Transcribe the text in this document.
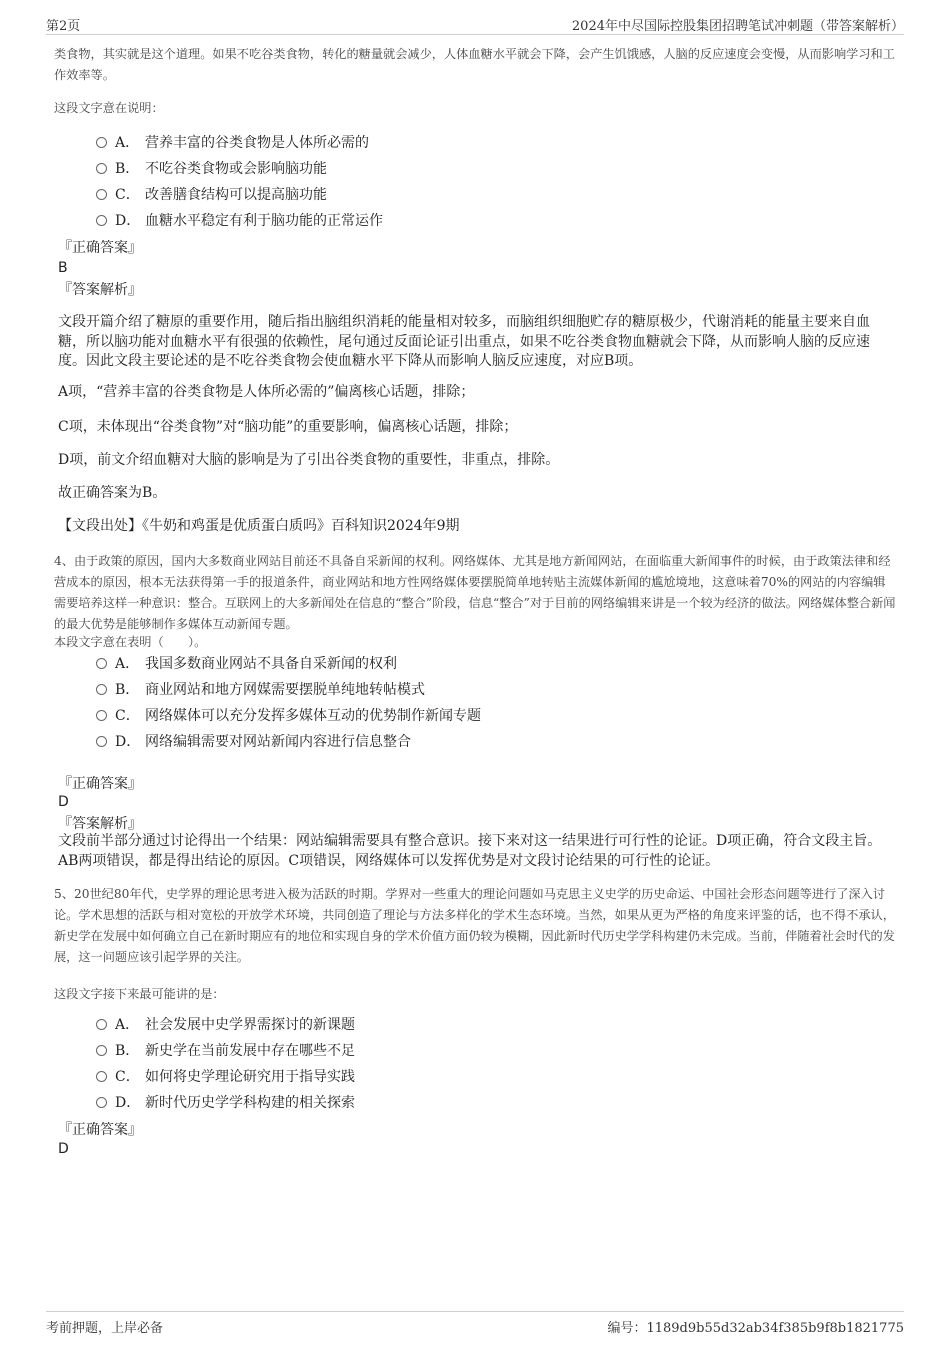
第2页	2024年中尽国际控股集团招聘笔试冲刺题（带答案解析）
类食物，其实就是这个道理。如果不吃谷类食物，转化的糖量就会减少，人体血糖水平就会下降，会产生饥饿感，人脑的反应速度会变慢，从而影响学习和工作效率等。
这段文字意在说明：
A． 营养丰富的谷类食物是人体所必需的
B． 不吃谷类食物或会影响脑功能
C． 改善膳食结构可以提高脑功能
D． 血糖水平稳定有利于脑功能的正常运作
『正确答案』
B
『答案解析』
文段开篇介绍了糖原的重要作用，随后指出脑组织消耗的能量相对较多，而脑组织细胞贮存的糖原极少，代谢消耗的能量主要来自血糖，所以脑功能对血糖水平有很强的依赖性，尾句通过反面论证引出重点，如果不吃谷类食物血糖就会下降，从而影响人脑的反应速度。因此文段主要论述的是不吃谷类食物会使血糖水平下降从而影响人脑反应速度，对应B项。
A项，“营养丰富的谷类食物是人体所必需的”偏离核心话题，排除；
C项，未体现出“谷类食物”对“脑功能”的重要影响，偏离核心话题，排除；
D项，前文介绍血糖对大脑的影响是为了引出谷类食物的重要性，非重点，排除。
故正确答案为B。
【文段出处】《牛奶和鸡蛋是优质蛋白质吗》百科知识2024年9期
4、由于政策的原因，国内大多数商业网站目前还不具备自采新闻的权利。网络媒体、尤其是地方新闻网站，在面临重大新闻事件的时候，由于政策法律和经营成本的原因，根本无法获得第一手的报道条件，商业网站和地方性网络媒体要摆脱简单地转贴主流媒体新闻的尴尬境地，这意味着70%的网站的内容编辑需要培养这样一种意识：整合。互联网上的大多新闻处在信息的“整合”阶段，信息“整合”对于目前的网络编辑来讲是一个较为经济的做法。网络媒体整合新闻的最大优势是能够制作多媒体互动新闻专题。
本段文字意在表明（　　）。
A． 我国多数商业网站不具备自采新闻的权利
B． 商业网站和地方网媒需要摆脱单纯地转帖模式
C． 网络媒体可以充分发挥多媒体互动的优势制作新闻专题
D． 网络编辑需要对网站新闻内容进行信息整合
『正确答案』
D
『答案解析』
文段前半部分通过讨论得出一个结果：网站编辑需要具有整合意识。接下来对这一结果进行可行性的论证。D项正确，符合文段主旨。AB两项错误，都是得出结论的原因。C项错误，网络媒体可以发挥优势是对文段讨论结果的可行性的论证。
5、20世纪80年代，史学界的理论思考进入极为活跃的时期。学界对一些重大的理论问题如马克思主义史学的历史命运、中国社会形态问题等进行了深入讨论。学术思想的活跃与相对宽松的开放学术环境，共同创造了理论与方法多样化的学术生态环境。当然，如果从更为严格的角度来评鉴的话，也不得不承认，新史学在发展中如何确立自己在新时期应有的地位和实现自身的学术价值方面仍较为模糊，因此新时代历史学学科构建仍未完成。当前，伴随着社会时代的发展，这一问题应该引起学界的关注。
这段文字接下来最可能讲的是：
A． 社会发展中史学界需探讨的新课题
B． 新史学在当前发展中存在哪些不足
C． 如何将史学理论研究用于指导实践
D． 新时代历史学学科构建的相关探索
『正确答案』
D
考前押题，上岸必备	编号：1189d9b55d32ab34f385b9f8b1821775
